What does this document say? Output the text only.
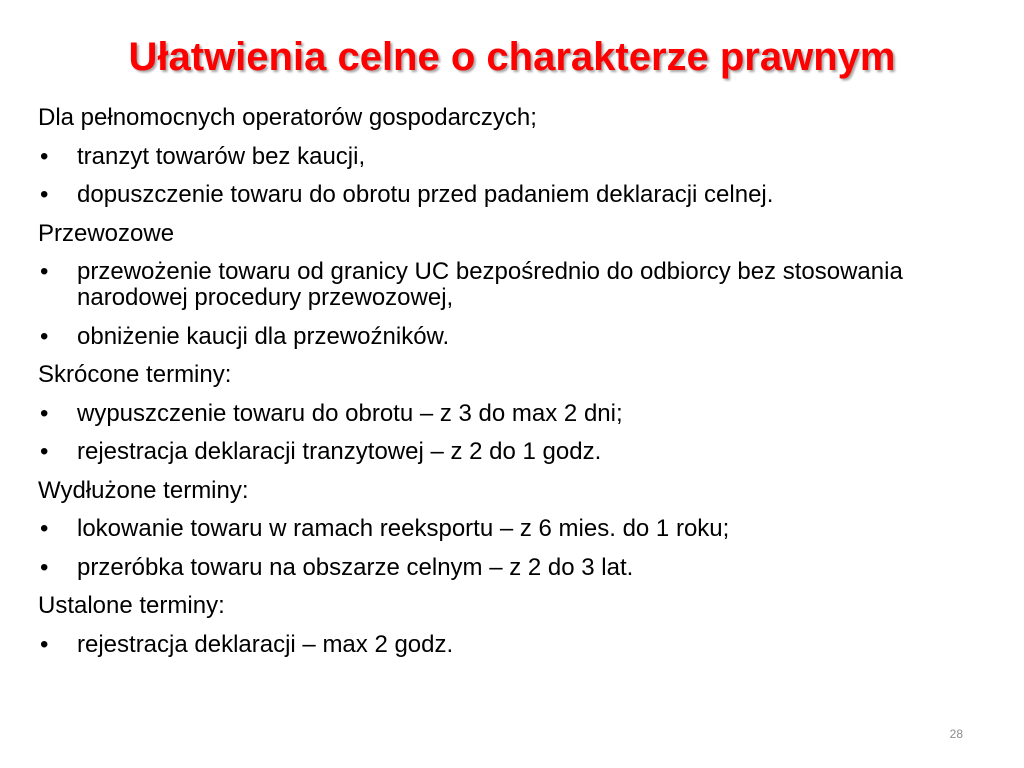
Ułatwienia celne o charakterze prawnym
Dla pełnomocnych operatorów gospodarczych;
•	tranzyt towarów bez kaucji,
•	dopuszczenie towaru do obrotu przed padaniem deklaracji celnej.
Przewozowe
•	przewożenie towaru od granicy UC bezpośrednio do odbiorcy bez stosowania narodowej procedury przewozowej,
•	obniżenie kaucji dla przewoźników.
Skrócone terminy:
•	wypuszczenie towaru do obrotu – z 3 do max 2 dni;
•	rejestracja deklaracji tranzytowej – z 2 do 1 godz.
Wydłużone terminy:
•	lokowanie towaru w ramach reeksportu – z 6 mies. do 1 roku;
•	przeróbka towaru na obszarze celnym – z 2 do 3 lat.
Ustalone terminy:
•	rejestracja deklaracji – max 2 godz.
28
